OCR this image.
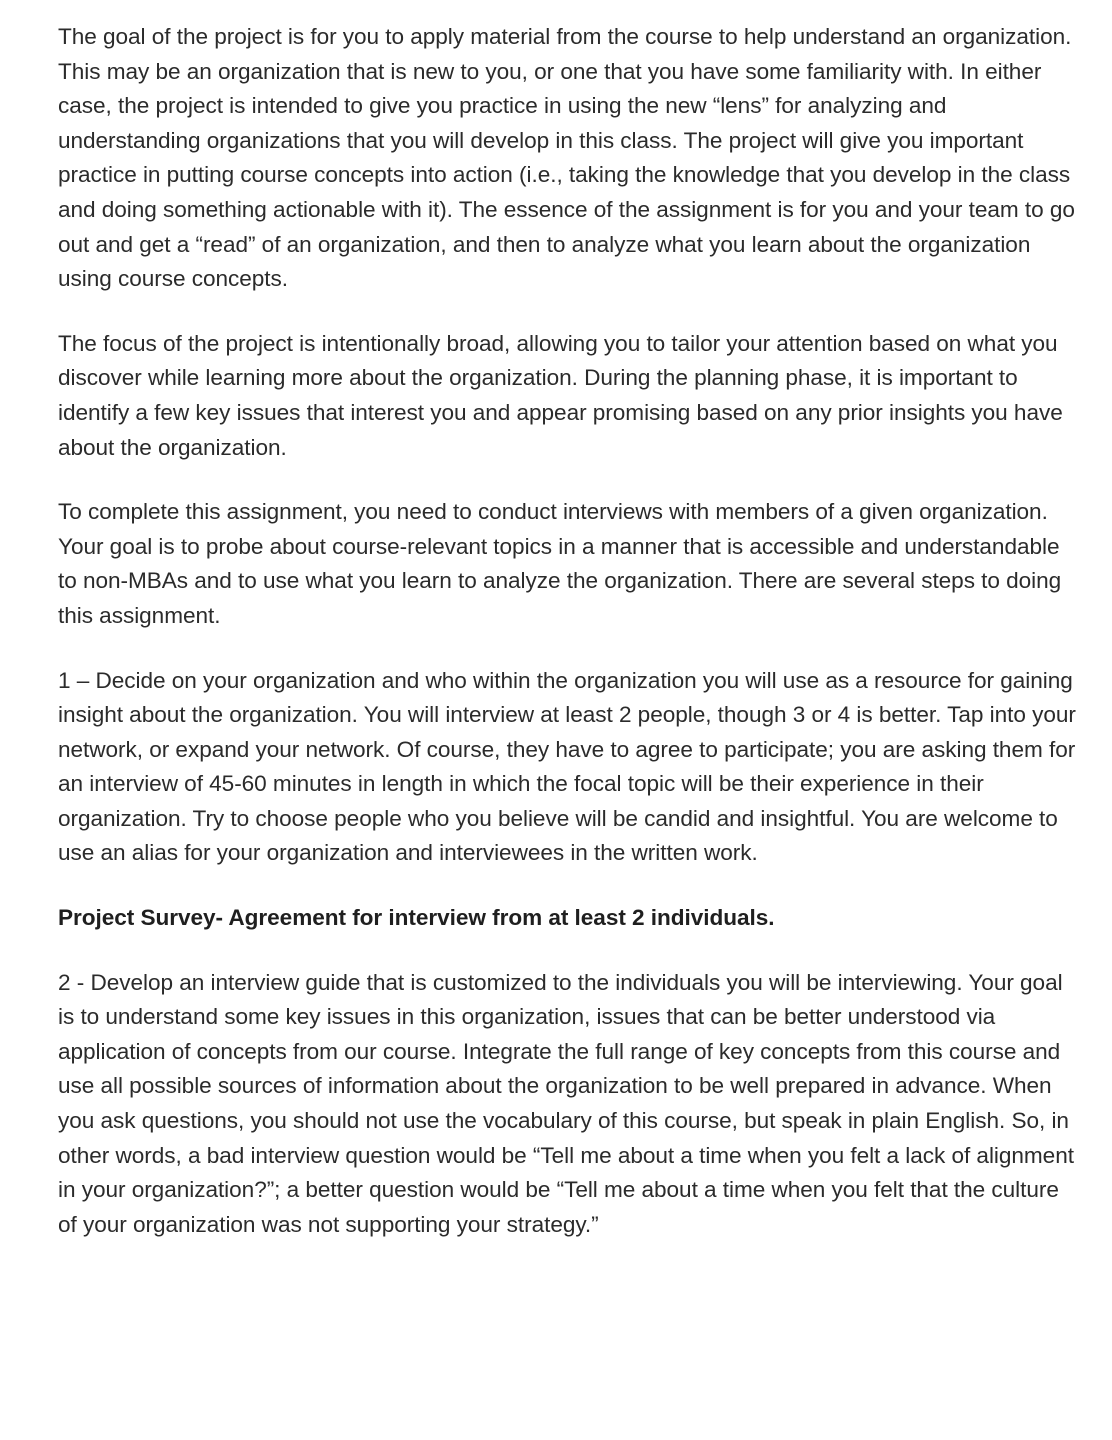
The goal of the project is for you to apply material from the course to help understand an organization. This may be an organization that is new to you, or one that you have some familiarity with. In either case, the project is intended to give you practice in using the new “lens” for analyzing and understanding organizations that you will develop in this class. The project will give you important practice in putting course concepts into action (i.e., taking the knowledge that you develop in the class and doing something actionable with it). The essence of the assignment is for you and your team to go out and get a “read” of an organization, and then to analyze what you learn about the organization using course concepts.

The focus of the project is intentionally broad, allowing you to tailor your attention based on what you discover while learning more about the organization. During the planning phase, it is important to identify a few key issues that interest you and appear promising based on any prior insights you have about the organization.

To complete this assignment, you need to conduct interviews with members of a given organization. Your goal is to probe about course-relevant topics in a manner that is accessible and understandable to non-MBAs and to use what you learn to analyze the organization. There are several steps to doing this assignment.

1 – Decide on your organization and who within the organization you will use as a resource for gaining insight about the organization. You will interview at least 2 people, though 3 or 4 is better. Tap into your network, or expand your network. Of course, they have to agree to participate; you are asking them for an interview of 45-60 minutes in length in which the focal topic will be their experience in their organization. Try to choose people who you believe will be candid and insightful. You are welcome to use an alias for your organization and interviewees in the written work.

Project Survey- Agreement for interview from at least 2 individuals.

2 - Develop an interview guide that is customized to the individuals you will be interviewing. Your goal is to understand some key issues in this organization, issues that can be better understood via application of concepts from our course. Integrate the full range of key concepts from this course and use all possible sources of information about the organization to be well prepared in advance. When you ask questions, you should not use the vocabulary of this course, but speak in plain English. So, in other words, a bad interview question would be “Tell me about a time when you felt a lack of alignment in your organization?”; a better question would be “Tell me about a time when you felt that the culture of your organization was not supporting your strategy.”
